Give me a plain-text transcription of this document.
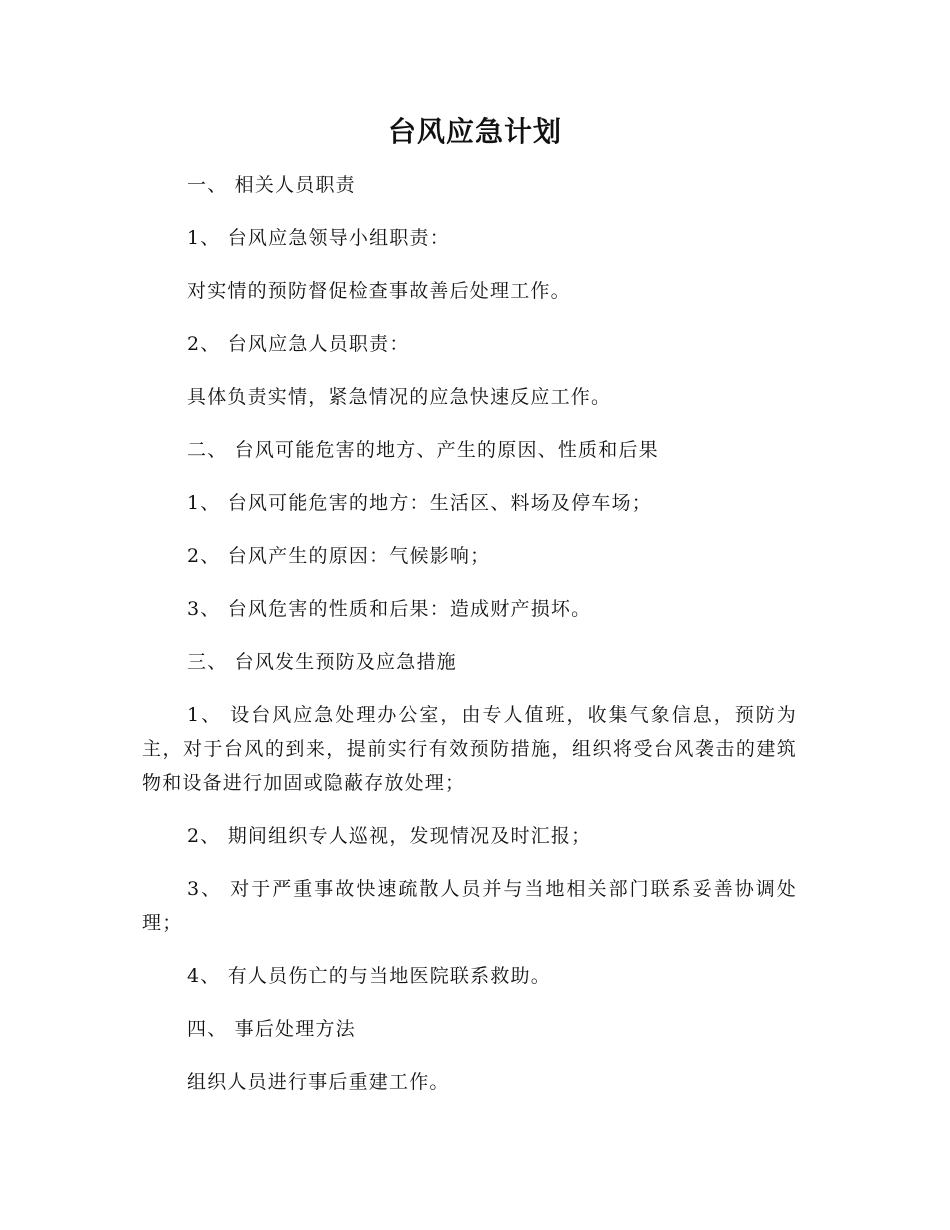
台风应急计划

一、 相关人员职责

1、 台风应急领导小组职责：

对实情的预防督促检查事故善后处理工作。

2、 台风应急人员职责：

具体负责实情，紧急情况的应急快速反应工作。

二、 台风可能危害的地方、产生的原因、性质和后果

1、 台风可能危害的地方：生活区、料场及停车场；

2、 台风产生的原因：气候影响；

3、 台风危害的性质和后果：造成财产损坏。

三、 台风发生预防及应急措施

1、 设台风应急处理办公室，由专人值班，收集气象信息，预防为主，对于台风的到来，提前实行有效预防措施，组织将受台风袭击的建筑物和设备进行加固或隐蔽存放处理；

2、 期间组织专人巡视，发现情况及时汇报；

3、 对于严重事故快速疏散人员并与当地相关部门联系妥善协调处理；

4、 有人员伤亡的与当地医院联系救助。

四、 事后处理方法

组织人员进行事后重建工作。
